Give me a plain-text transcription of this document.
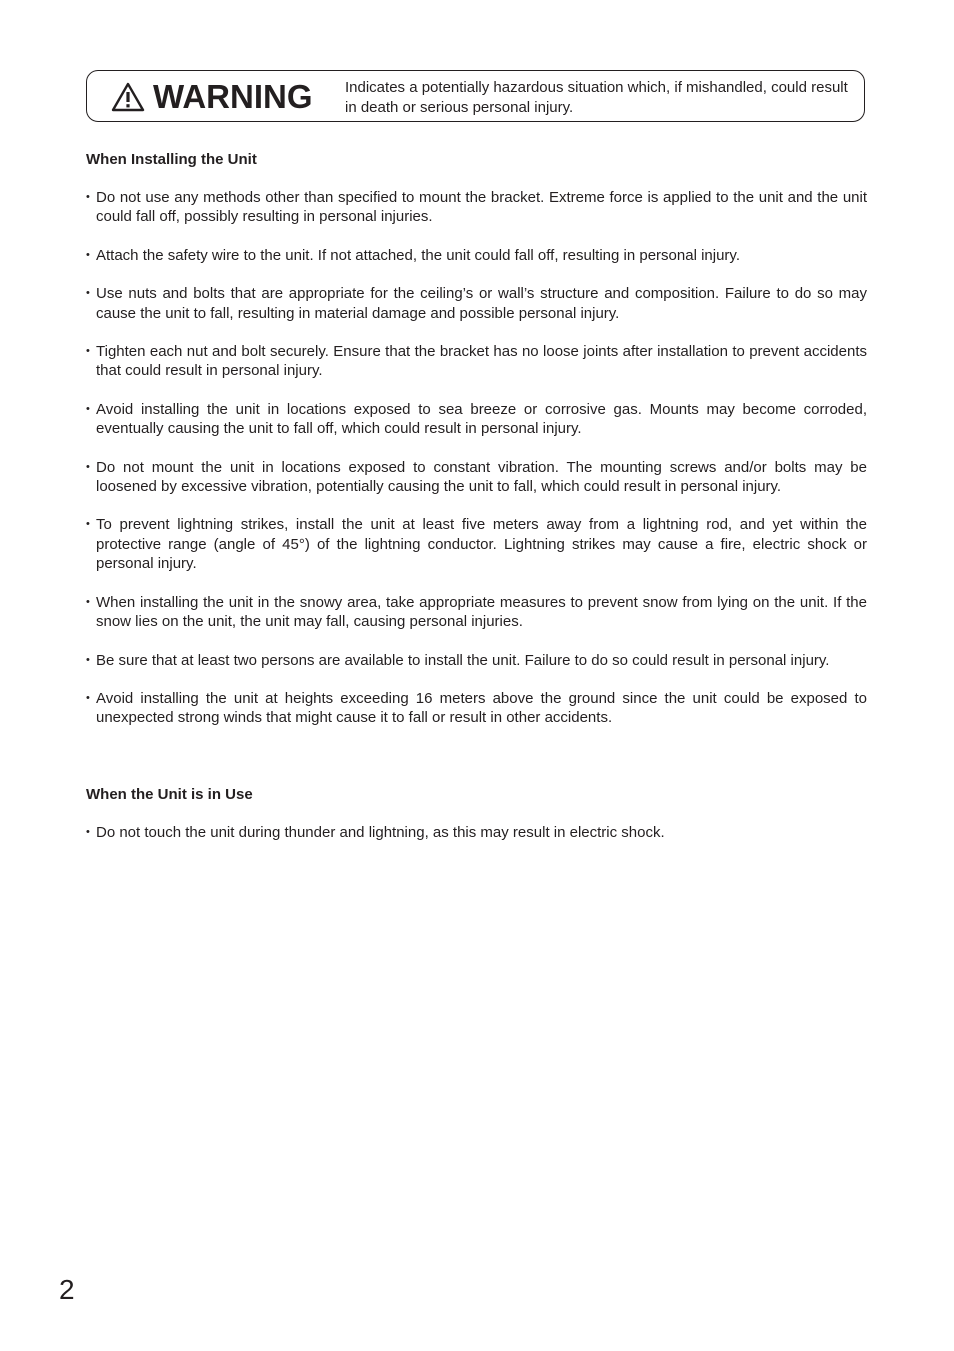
WARNING Indicates a potentially hazardous situation which, if mishandled, could result in death or serious personal injury.
When Installing the Unit
• Do not use any methods other than specified to mount the bracket. Extreme force is applied to the unit and the unit could fall off, possibly resulting in personal injuries.
• Attach the safety wire to the unit. If not attached, the unit could fall off, resulting in personal injury.
• Use nuts and bolts that are appropriate for the ceiling’s or wall’s structure and composition. Failure to do so may cause the unit to fall, resulting in material damage and possible personal injury.
• Tighten each nut and bolt securely. Ensure that the bracket has no loose joints after installation to prevent accidents that could result in personal injury.
• Avoid installing the unit in locations exposed to sea breeze or corrosive gas. Mounts may become corroded, eventually causing the unit to fall off, which could result in personal injury.
• Do not mount the unit in locations exposed to constant vibration. The mounting screws and/or bolts may be loosened by excessive vibration, potentially causing the unit to fall, which could result in personal injury.
• To prevent lightning strikes, install the unit at least five meters away from a lightning rod, and yet within the protective range (angle of 45°) of the lightning conductor. Lightning strikes may cause a fire, electric shock or personal injury.
• When installing the unit in the snowy area, take appropriate measures to prevent snow from lying on the unit. If the snow lies on the unit, the unit may fall, causing personal injuries.
• Be sure that at least two persons are available to install the unit. Failure to do so could result in personal injury.
• Avoid installing the unit at heights exceeding 16 meters above the ground since the unit could be exposed to unexpected strong winds that might cause it to fall or result in other accidents.
When the Unit is in Use
• Do not touch the unit during thunder and lightning, as this may result in electric shock.
2
